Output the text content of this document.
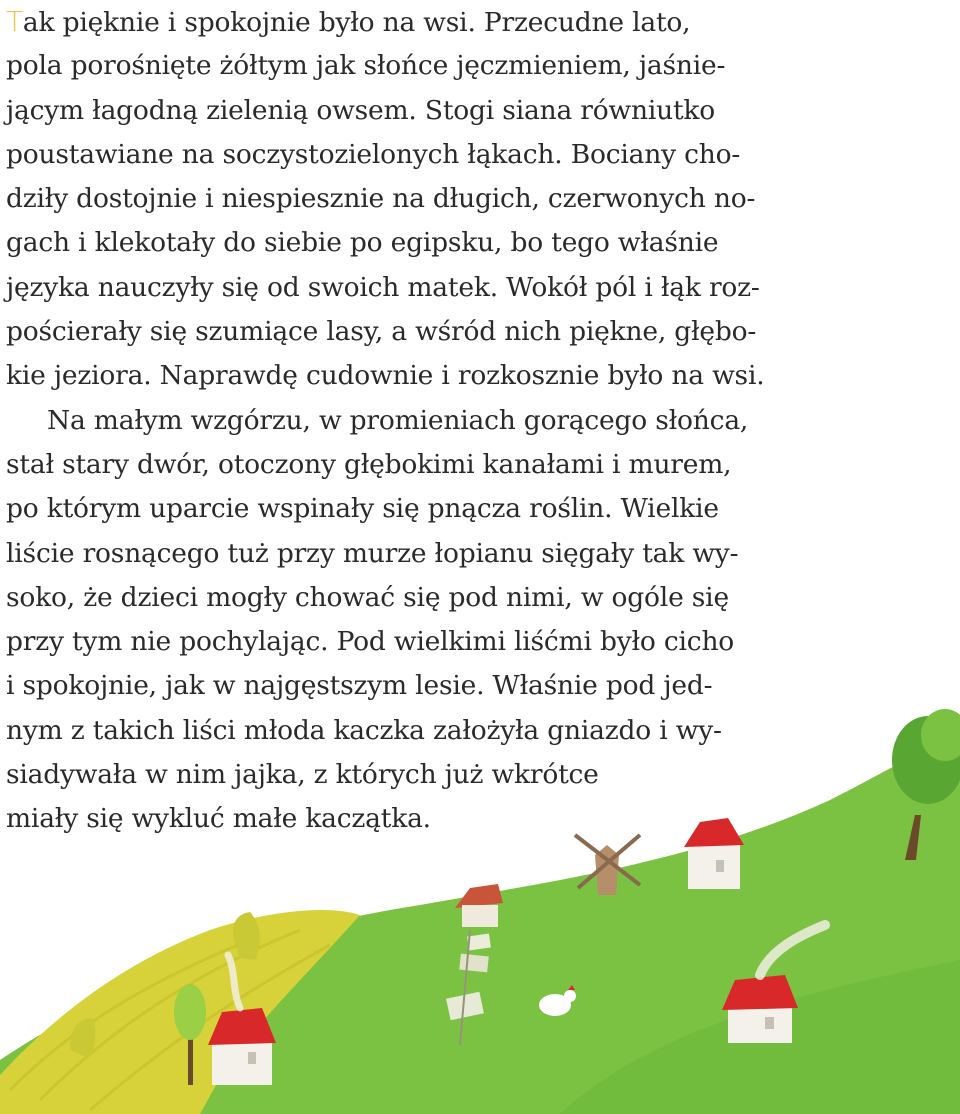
Tak pięknie i spokojnie było na wsi. Przecudne lato,
pola porośnięte żółtym jak słońce jęczmieniem, jaśnie-
jącym łagodną zielenią owsem. Stogi siana równiutko
poustawiane na soczystozielonych łąkach. Bociany cho-
dziły dostojnie i niespiesznie na długich, czerwonych no-
gach i klekotały do siebie po egipsku, bo tego właśnie
języka nauczyły się od swoich matek. Wokół pól i łąk roz-
pościerały się szumiące lasy, a wśród nich piękne, głębo-
kie jeziora. Naprawdę cudownie i rozkosznie było na wsi.
Na małym wzgórzu, w promieniach gorącego słońca,
stał stary dwór, otoczony głębokimi kanałami i murem,
po którym uparcie wspinały się pnącza roślin. Wielkie
liście rosnącego tuż przy murze łopianu sięgały tak wy-
soko, że dzieci mogły chować się pod nimi, w ogóle się
przy tym nie pochylając. Pod wielkimi liśćmi było cicho
i spokojnie, jak w najgęstszym lesie. Właśnie pod jed-
nym z takich liści młoda kaczka założyła gniazdo i wy-
siadywała w nim jajka, z których już wkrótce
miały się wykluć małe kaczątka.
